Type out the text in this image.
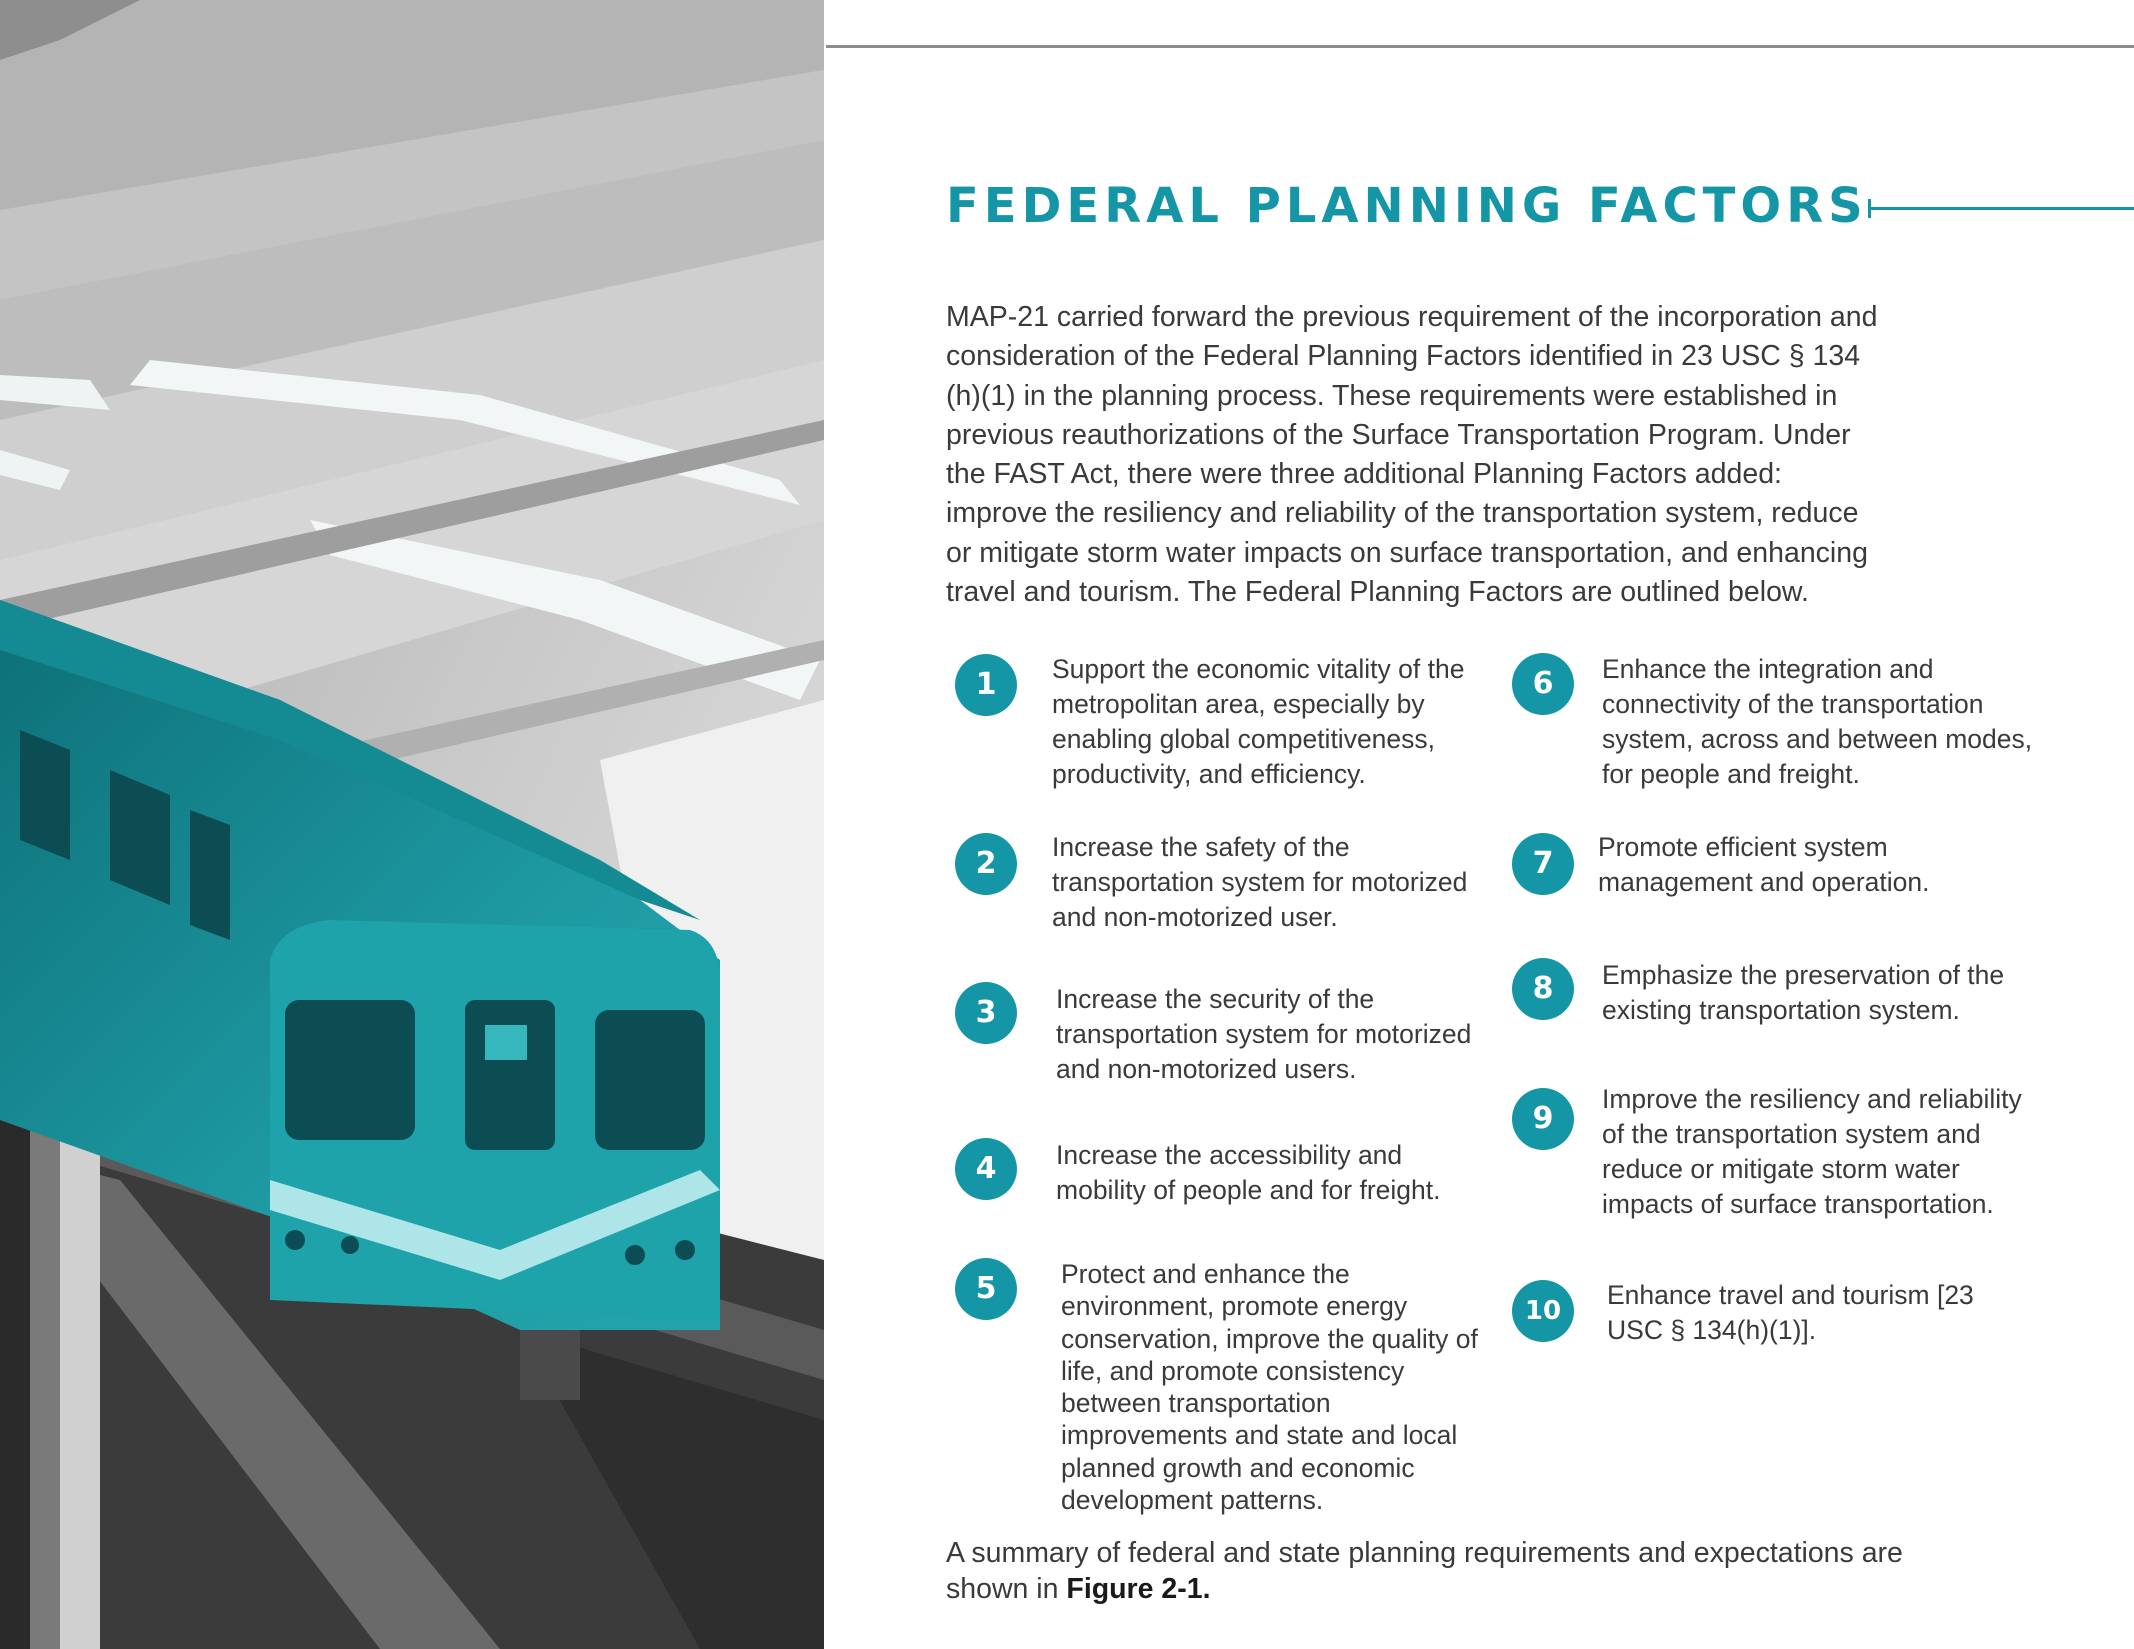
FEDERAL PLANNING FACTORS

MAP-21 carried forward the previous requirement of the incorporation and consideration of the Federal Planning Factors identified in 23 USC § 134 (h)(1) in the planning process. These requirements were established in previous reauthorizations of the Surface Transportation Program. Under the FAST Act, there were three additional Planning Factors added: improve the resiliency and reliability of the transportation system, reduce or mitigate storm water impacts on surface transportation, and enhancing travel and tourism. The Federal Planning Factors are outlined below.

1	Support the economic vitality of the metropolitan area, especially by enabling global competitiveness, productivity, and efficiency.

2	Increase the safety of the transportation system for motorized and non-motorized user.

3	Increase the security of the transportation system for motorized and non-motorized users.

4	Increase the accessibility and mobility of people and for freight.

5	Protect and enhance the environment, promote energy conservation, improve the quality of life, and promote consistency between transportation improvements and state and local planned growth and economic development patterns.

6	Enhance the integration and connectivity of the transportation system, across and between modes, for people and freight.

7	Promote efficient system management and operation.

8	Emphasize the preservation of the existing transportation system.

9

Improve the resiliency and reliability of the transportation system and reduce or mitigate storm water impacts of surface transportation.

10

Enhance travel and tourism [23 USC § 134(h)(1)].

A summary of federal and state planning requirements and expectations are shown in Figure 2-1.
